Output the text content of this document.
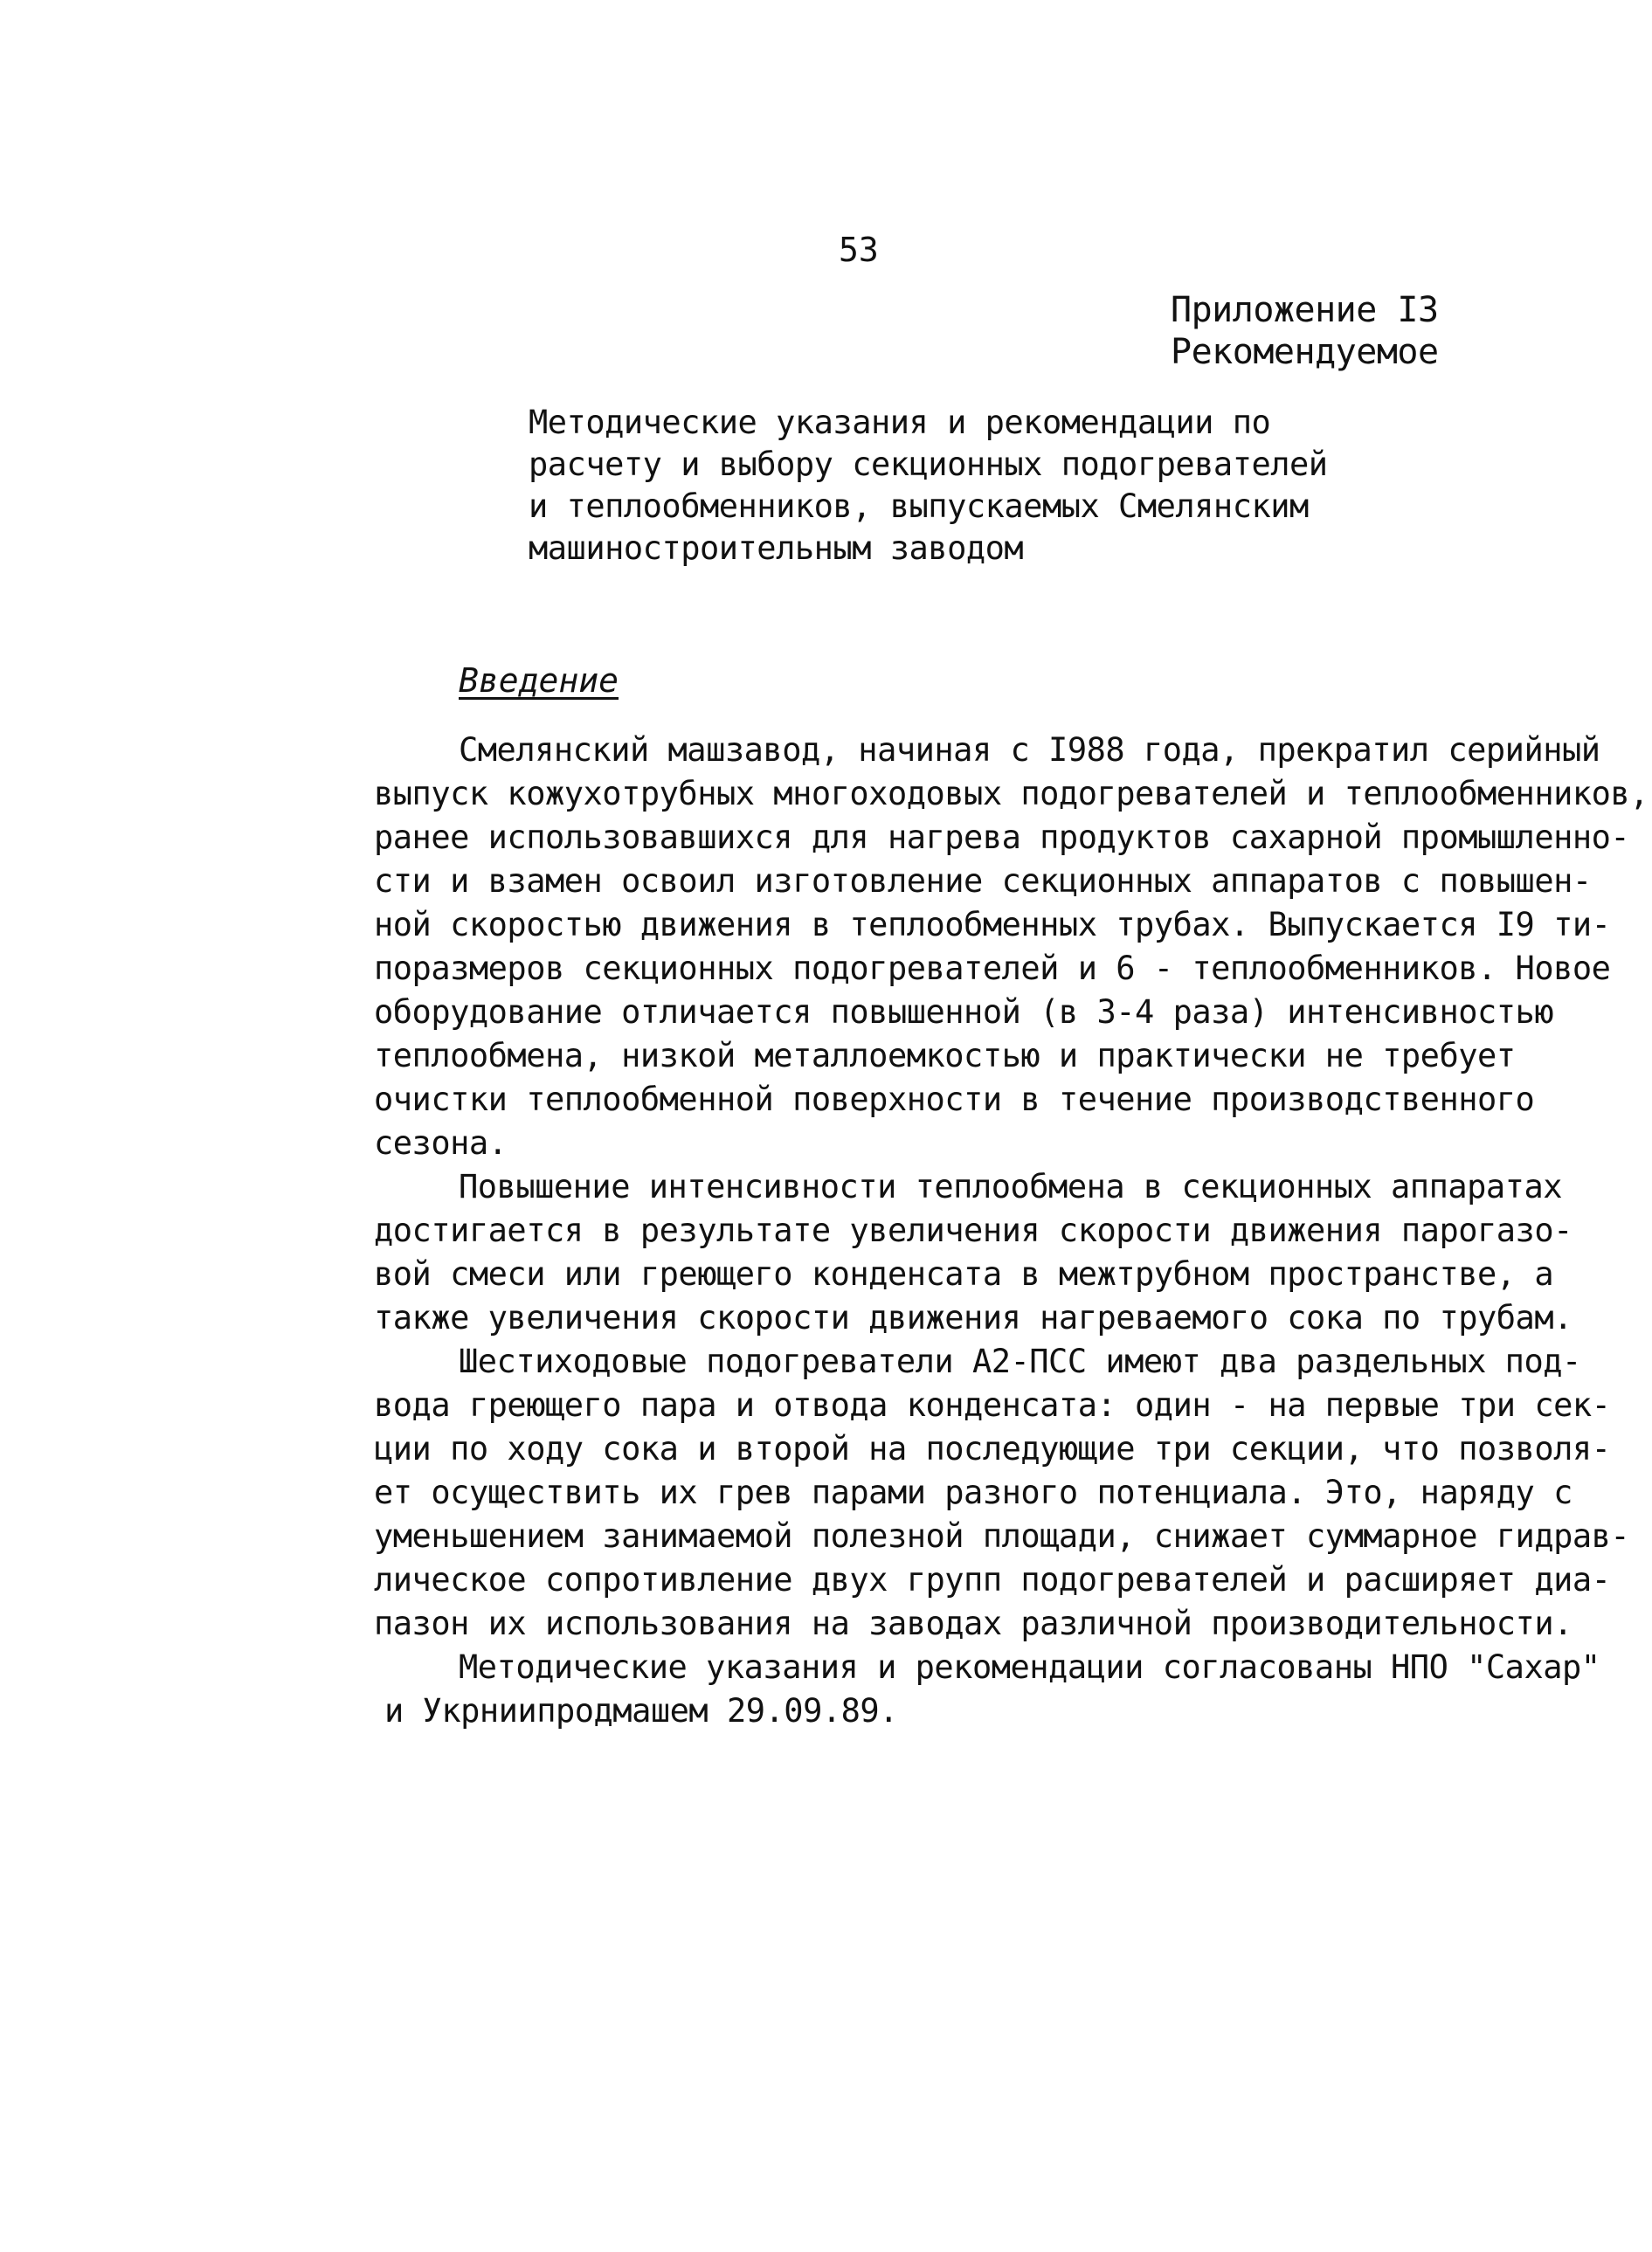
53
Приложение I3
Рекомендуемое
Методические указания и рекомендации по
расчету и выбору секционных подогревателей
и теплообменников, выпускаемых Смелянским
машиностроительным заводом
Введение
Смелянский машзавод, начиная с I988 года, прекратил серийный
выпуск кожухотрубных многоходовых подогревателей и теплообменников,
ранее использовавшихся для нагрева продуктов сахарной промышленно-
сти и взамен освоил изготовление секционных аппаратов с повышен-
ной скоростью движения в теплообменных трубах. Выпускается I9 ти-
поразмеров секционных подогревателей и 6 - теплообменников. Новое
оборудование отличается повышенной (в 3-4 раза) интенсивностью
теплообмена, низкой металлоемкостью и практически не требует
очистки теплообменной поверхности в течение производственного
сезона.
Повышение интенсивности теплообмена в секционных аппаратах
достигается в результате увеличения скорости движения парогазо-
вой смеси или греющего конденсата в межтрубном пространстве, а
также увеличения скорости движения нагреваемого сока по трубам.
Шестиходовые подогреватели А2-ПСС имеют два раздельных под-
вода греющего пара и отвода конденсата: один - на первые три сек-
ции по ходу сока и второй на последующие три секции, что позволя-
ет осуществить их грев парами разного потенциала. Это, наряду с
уменьшением занимаемой полезной площади, снижает суммарное гидрав-
лическое сопротивление двух групп подогревателей и расширяет диа-
пазон их использования на заводах различной производительности.
Методические указания и рекомендации согласованы НПО "Сахар"
и Укрниипродмашем 29.09.89.
